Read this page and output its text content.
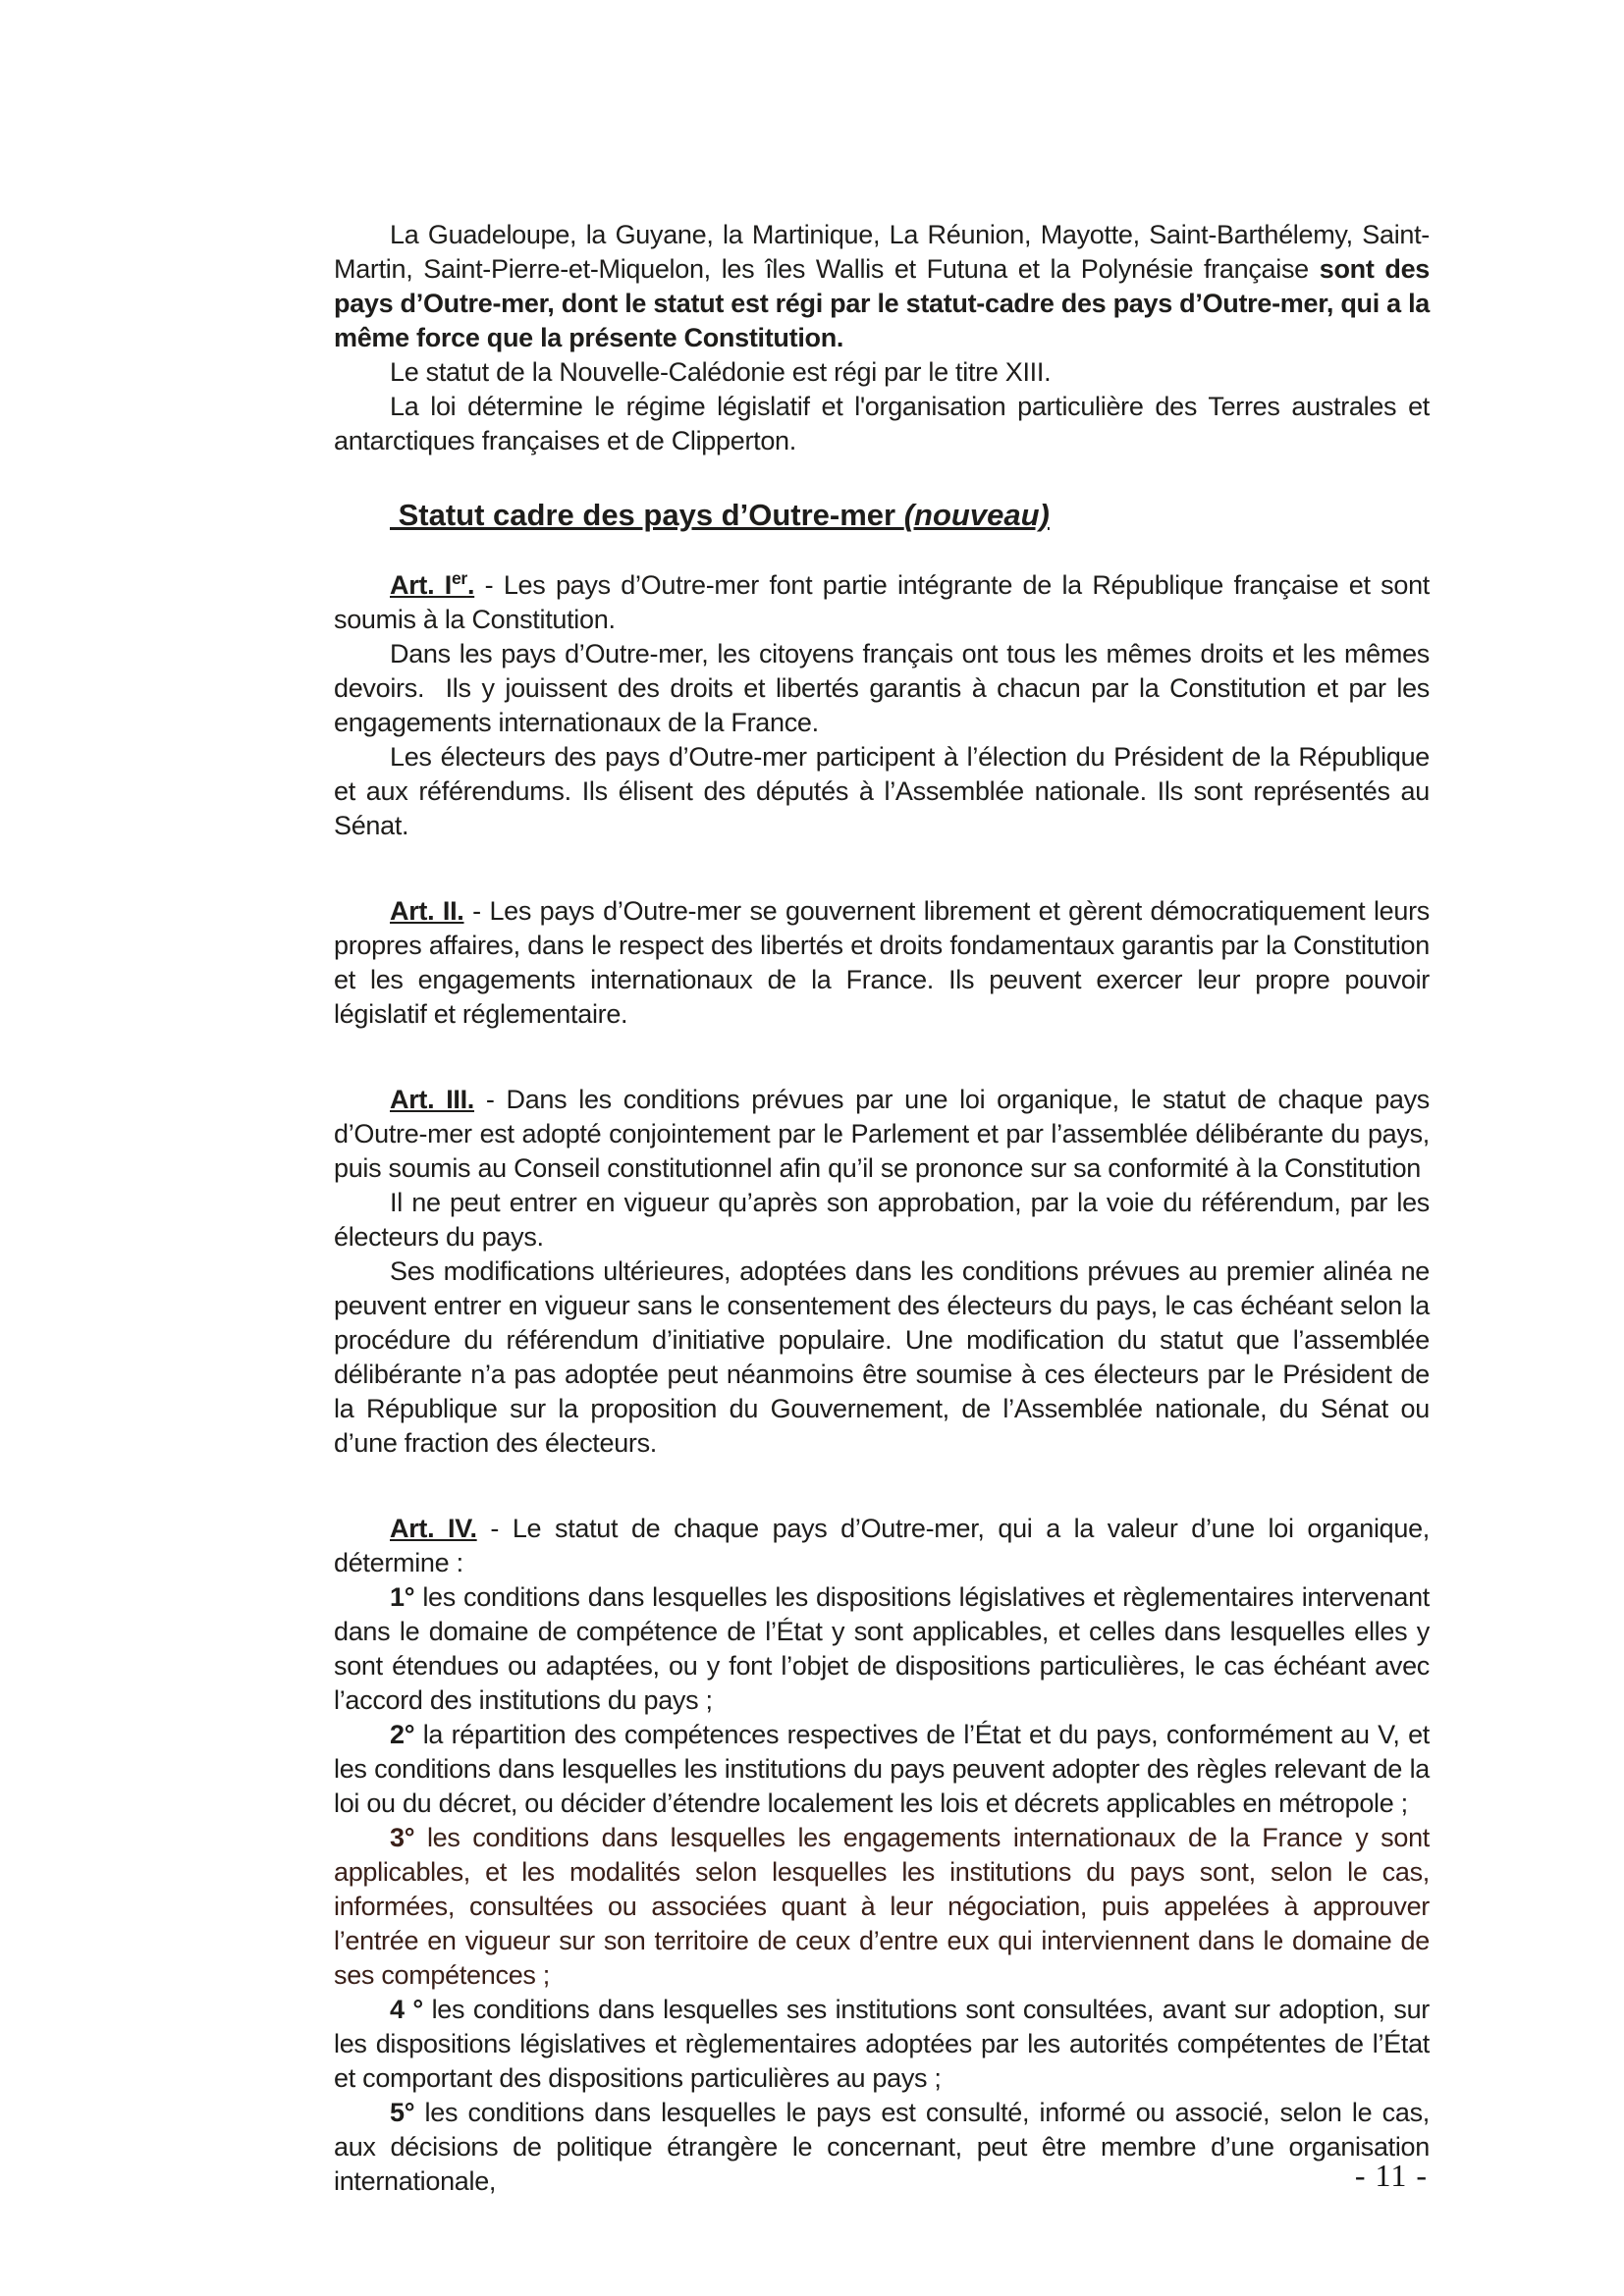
La Guadeloupe, la Guyane, la Martinique, La Réunion, Mayotte, Saint-Barthélemy, Saint-Martin, Saint-Pierre-et-Miquelon, les îles Wallis et Futuna et la Polynésie française sont des pays d’Outre-mer, dont le statut est régi par le statut-cadre des pays d’Outre-mer, qui a la même force que la présente Constitution.

Le statut de la Nouvelle-Calédonie est régi par le titre XIII.

La loi détermine le régime législatif et l'organisation particulière des Terres australes et antarctiques françaises et de Clipperton.

Statut cadre des pays d’Outre-mer (nouveau)

Art. Ier. - Les pays d’Outre-mer font partie intégrante de la République française et sont soumis à la Constitution.

Dans les pays d’Outre-mer, les citoyens français ont tous les mêmes droits et les mêmes devoirs.  Ils y jouissent des droits et libertés garantis à chacun par la Constitution et par les engagements internationaux de la France.

Les électeurs des pays d’Outre-mer participent à l’élection du Président de la République et aux référendums. Ils élisent des députés à l’Assemblée nationale. Ils sont représentés au Sénat.

Art. II. - Les pays d’Outre-mer se gouvernent librement et gèrent démocratiquement leurs propres affaires, dans le respect des libertés et droits fondamentaux garantis par la Constitution et les engagements internationaux de la France. Ils peuvent exercer leur propre pouvoir législatif et réglementaire.

Art. III. - Dans les conditions prévues par une loi organique, le statut de chaque pays d’Outre-mer est adopté conjointement par le Parlement et par l’assemblée délibérante du pays, puis soumis au Conseil constitutionnel afin qu’il se prononce sur sa conformité à la Constitution

Il ne peut entrer en vigueur qu’après son approbation, par la voie du référendum, par les électeurs du pays.

Ses modifications ultérieures, adoptées dans les conditions prévues au premier alinéa ne peuvent entrer en vigueur sans le consentement des électeurs du pays, le cas échéant selon la procédure du référendum d’initiative populaire. Une modification du statut que l’assemblée délibérante n’a pas adoptée peut néanmoins être soumise à ces électeurs par le Président de la République sur la proposition du Gouvernement, de l’Assemblée nationale, du Sénat ou d’une fraction des électeurs.

Art. IV. - Le statut de chaque pays d’Outre-mer, qui a la valeur d’une loi organique, détermine :

1° les conditions dans lesquelles les dispositions législatives et règlementaires intervenant dans le domaine de compétence de l’État y sont applicables, et celles dans lesquelles elles y sont étendues ou adaptées, ou y font l’objet de dispositions particulières, le cas échéant avec l’accord des institutions du pays ;

2° la répartition des compétences respectives de l’État et du pays, conformément au V, et les conditions dans lesquelles les institutions du pays peuvent adopter des règles relevant de la loi ou du décret, ou décider d’étendre localement les lois et décrets applicables en métropole ;

3° les conditions dans lesquelles les engagements internationaux de la France y sont applicables, et les modalités selon lesquelles les institutions du pays sont, selon le cas, informées, consultées ou associées quant à leur négociation, puis appelées à approuver l’entrée en vigueur sur son territoire de ceux d’entre eux qui interviennent dans le domaine de ses compétences ;

4 ° les conditions dans lesquelles ses institutions sont consultées, avant sur adoption, sur les dispositions législatives et règlementaires adoptées par les autorités compétentes de l’État et comportant des dispositions particulières au pays ;

5° les conditions dans lesquelles le pays est consulté, informé ou associé, selon le cas, aux décisions de politique étrangère le concernant, peut être membre d’une organisation internationale,	- 11 -
